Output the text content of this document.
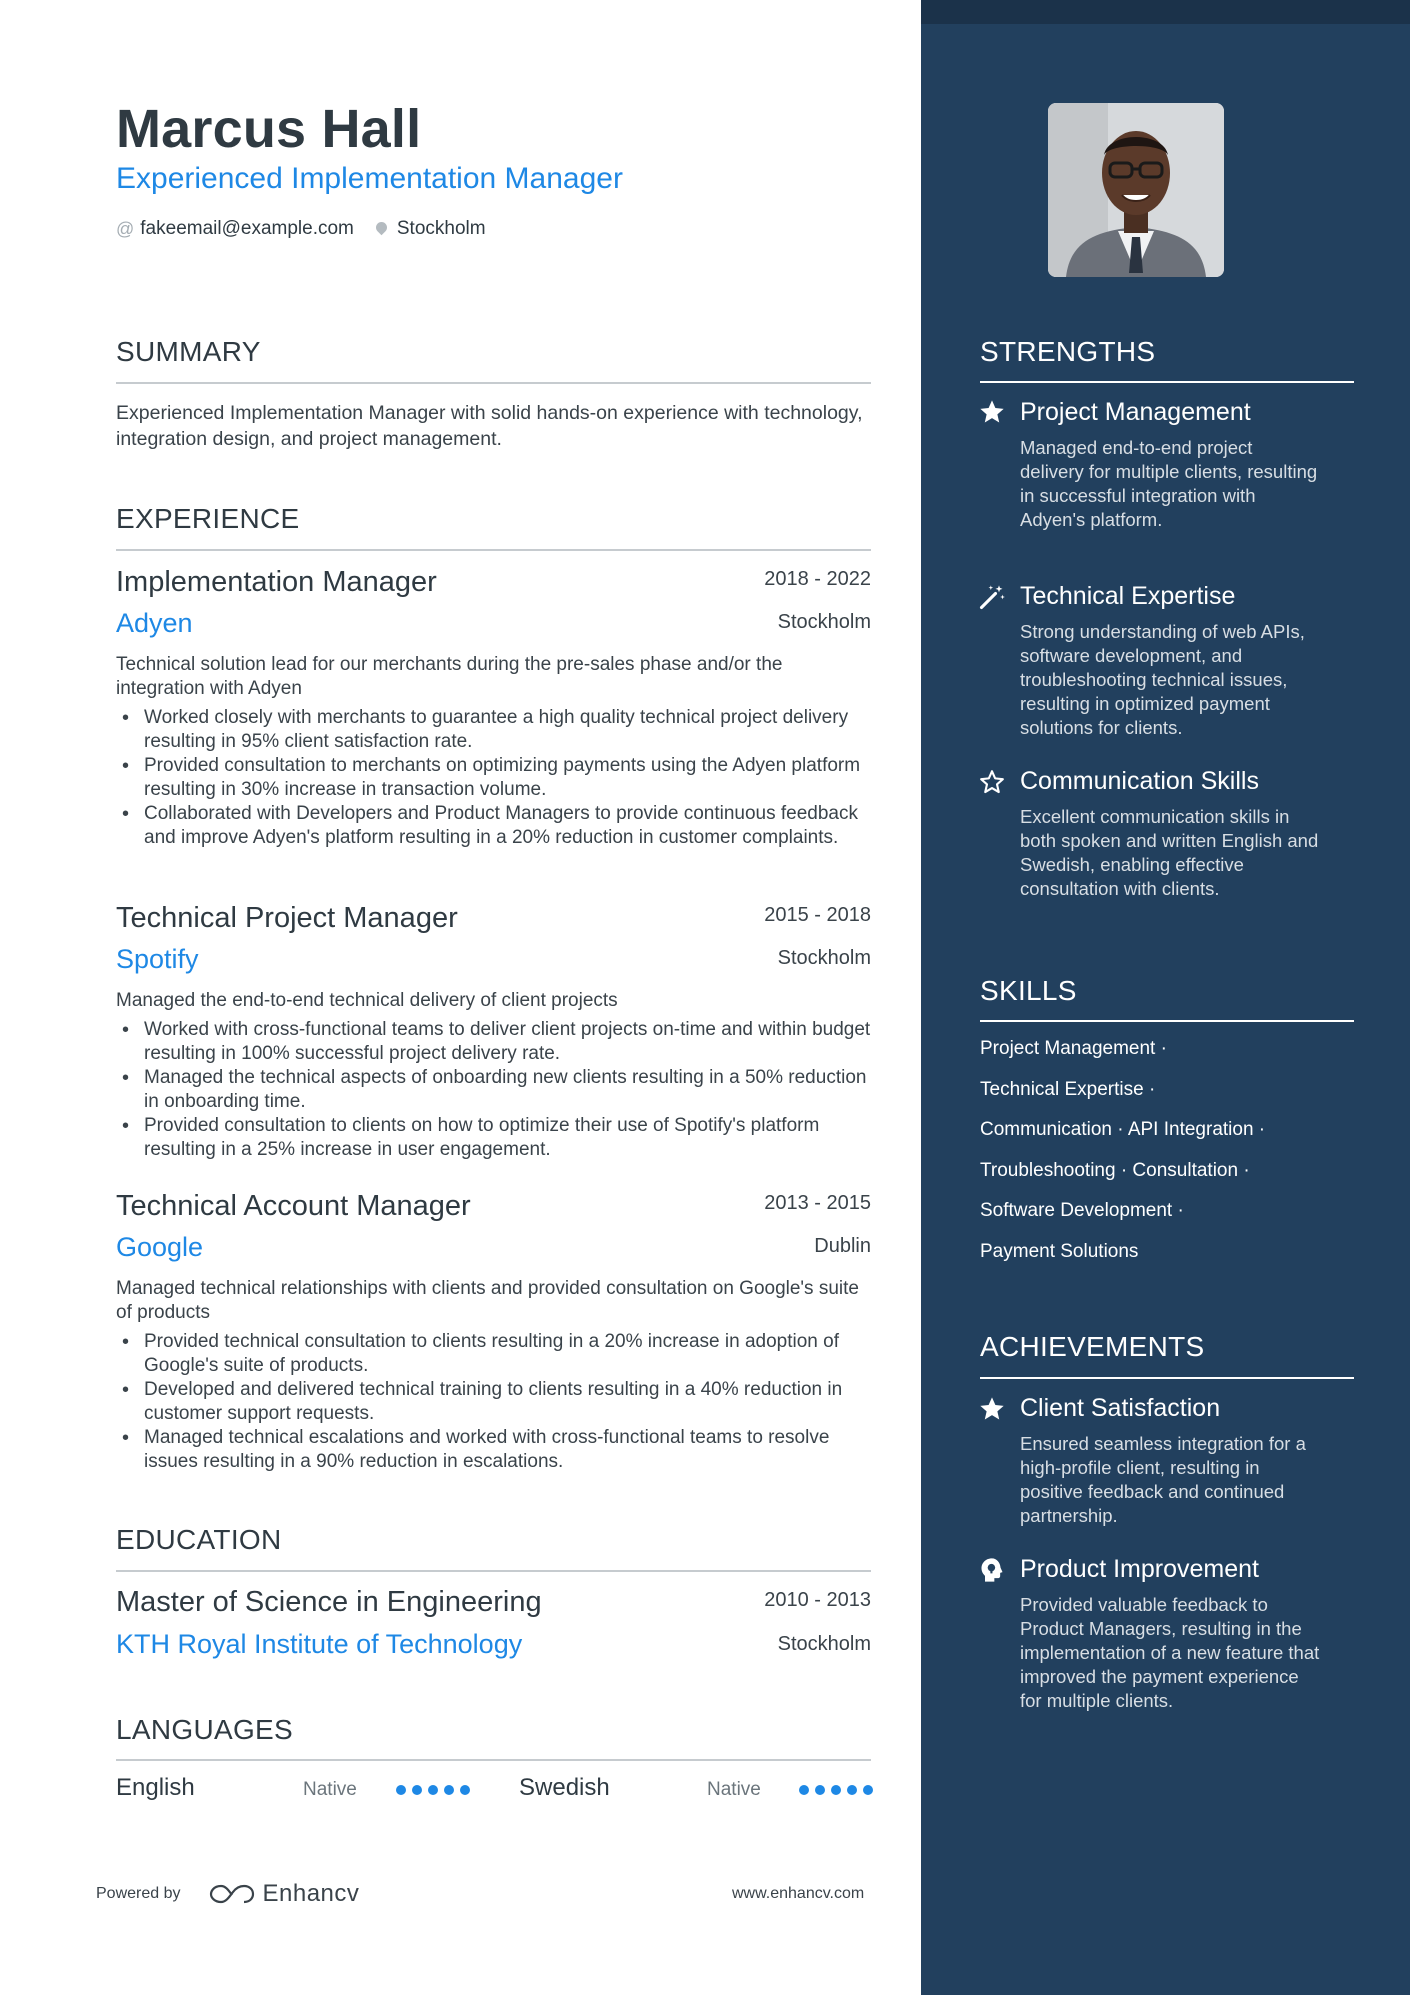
Marcus Hall
Experienced Implementation Manager
@ fakeemail@example.com Stockholm
SUMMARY
Experienced Implementation Manager with solid hands-on experience with technology, integration design, and project management.
EXPERIENCE
Implementation Manager	2018 - 2022
Adyen	Stockholm
Technical solution lead for our merchants during the pre-sales phase and/or the integration with Adyen
• Worked closely with merchants to guarantee a high quality technical project delivery resulting in 95% client satisfaction rate.
• Provided consultation to merchants on optimizing payments using the Adyen platform resulting in 30% increase in transaction volume.
• Collaborated with Developers and Product Managers to provide continuous feedback and improve Adyen's platform resulting in a 20% reduction in customer complaints.
Technical Project Manager	2015 - 2018
Spotify	Stockholm
Managed the end-to-end technical delivery of client projects
• Worked with cross-functional teams to deliver client projects on-time and within budget resulting in 100% successful project delivery rate.
• Managed the technical aspects of onboarding new clients resulting in a 50% reduction in onboarding time.
• Provided consultation to clients on how to optimize their use of Spotify's platform resulting in a 25% increase in user engagement.
Technical Account Manager	2013 - 2015
Google	Dublin
Managed technical relationships with clients and provided consultation on Google's suite of products
• Provided technical consultation to clients resulting in a 20% increase in adoption of Google's suite of products.
• Developed and delivered technical training to clients resulting in a 40% reduction in customer support requests.
• Managed technical escalations and worked with cross-functional teams to resolve issues resulting in a 90% reduction in escalations.
EDUCATION
Master of Science in Engineering	2010 - 2013
KTH Royal Institute of Technology	Stockholm
LANGUAGES
English	Native	Swedish	Native
Powered by	Enhancv	www.enhancv.com
STRENGTHS
Project Management
Managed end-to-end project delivery for multiple clients, resulting in successful integration with Adyen's platform.
Technical Expertise
Strong understanding of web APIs, software development, and troubleshooting technical issues, resulting in optimized payment solutions for clients.
Communication Skills
Excellent communication skills in both spoken and written English and Swedish, enabling effective consultation with clients.
SKILLS
Project Management ·
Technical Expertise ·
Communication · API Integration ·
Troubleshooting · Consultation ·
Software Development ·
Payment Solutions
ACHIEVEMENTS
Client Satisfaction
Ensured seamless integration for a high-profile client, resulting in positive feedback and continued partnership.
Product Improvement
Provided valuable feedback to Product Managers, resulting in the implementation of a new feature that improved the payment experience for multiple clients.
